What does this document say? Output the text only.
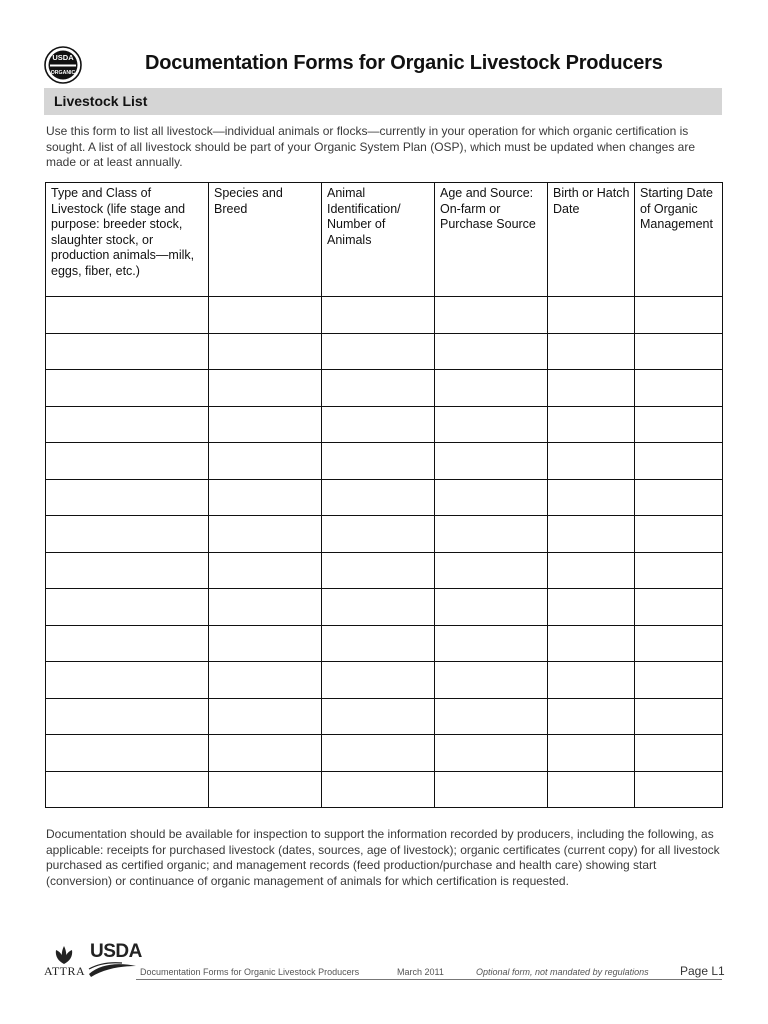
USDA
ORGANIC	Documentation Forms for Organic Livestock Producers
Livestock List
Use this form to list all livestock—individual animals or flocks—currently in your operation for which organic certification is sought. A list of all livestock should be part of your Organic System Plan (OSP), which must be updated when changes are made or at least annually.
Type and Class of Livestock (life stage and purpose: breeder stock, slaughter stock, or production animals—milk, eggs, fiber, etc.)	Species and Breed	Animal Identification/ Number of Animals	Age and Source: On-farm or Purchase Source	Birth or Hatch Date	Starting Date of Organic Management

Documentation should be available for inspection to support the information recorded by producers, including the following, as applicable: receipts for purchased livestock (dates, sources, age of livestock); organic certificates (current copy) for all livestock purchased as certified organic; and management records (feed production/purchase and health care) showing start (conversion) or continuance of organic management of animals for which certification is requested.
ATTRA
USDA
Documentation Forms for Organic Livestock Producers	March 2011	Optional form, not mandated by regulations	Page L1
